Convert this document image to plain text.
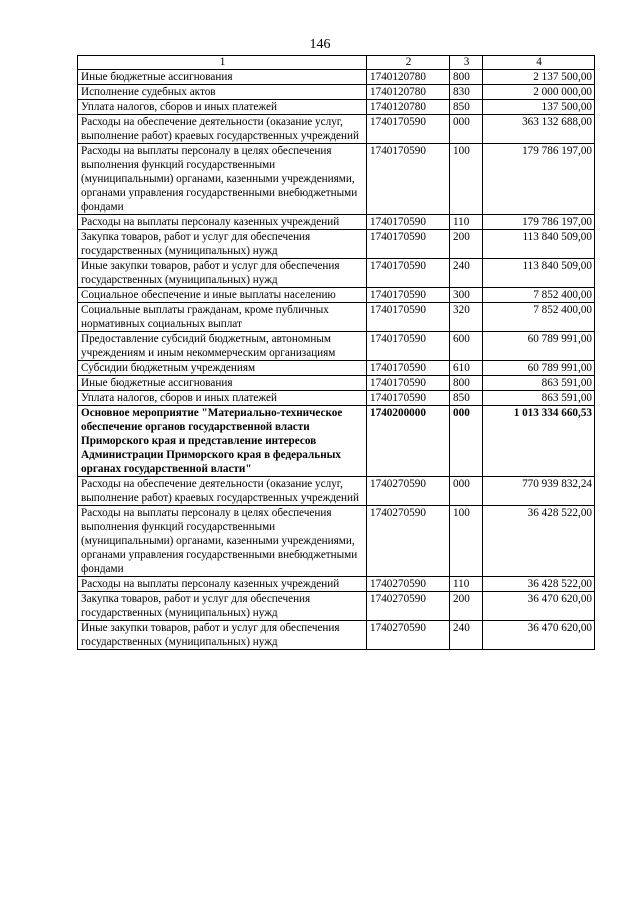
146
1	2	3	4
Иные бюджетные ассигнования	1740120780	800	2 137 500,00
Исполнение судебных актов	1740120780	830	2 000 000,00
Уплата налогов, сборов и иных платежей	1740120780	850	137 500,00
Расходы на обеспечение деятельности (оказание услуг, выполнение работ) краевых государственных учреждений	1740170590	000	363 132 688,00
Расходы на выплаты персоналу в целях обеспечения выполнения функций государственными (муниципальными) органами, казенными учреждениями, органами управления государственными внебюджетными фондами	1740170590	100	179 786 197,00
Расходы на выплаты персоналу казенных учреждений	1740170590	110	179 786 197,00
Закупка товаров, работ и услуг для обеспечения государственных (муниципальных) нужд	1740170590	200	113 840 509,00
Иные закупки товаров, работ и услуг для обеспечения государственных (муниципальных) нужд	1740170590	240	113 840 509,00
Социальное обеспечение и иные выплаты населению	1740170590	300	7 852 400,00
Социальные выплаты гражданам, кроме публичных нормативных социальных выплат	1740170590	320	7 852 400,00
Предоставление субсидий бюджетным, автономным учреждениям и иным некоммерческим организациям	1740170590	600	60 789 991,00
Субсидии бюджетным учреждениям	1740170590	610	60 789 991,00
Иные бюджетные ассигнования	1740170590	800	863 591,00
Уплата налогов, сборов и иных платежей	1740170590	850	863 591,00
Основное мероприятие "Материально-техническое обеспечение органов государственной власти Приморского края и представление интересов Администрации Приморского края в федеральных органах государственной власти"	1740200000	000	1 013 334 660,53
Расходы на обеспечение деятельности (оказание услуг, выполнение работ) краевых государственных учреждений	1740270590	000	770 939 832,24
Расходы на выплаты персоналу в целях обеспечения выполнения функций государственными (муниципальными) органами, казенными учреждениями, органами управления государственными внебюджетными фондами	1740270590	100	36 428 522,00
Расходы на выплаты персоналу казенных учреждений	1740270590	110	36 428 522,00
Закупка товаров, работ и услуг для обеспечения государственных (муниципальных) нужд	1740270590	200	36 470 620,00
Иные закупки товаров, работ и услуг для обеспечения государственных (муниципальных) нужд	1740270590	240	36 470 620,00
